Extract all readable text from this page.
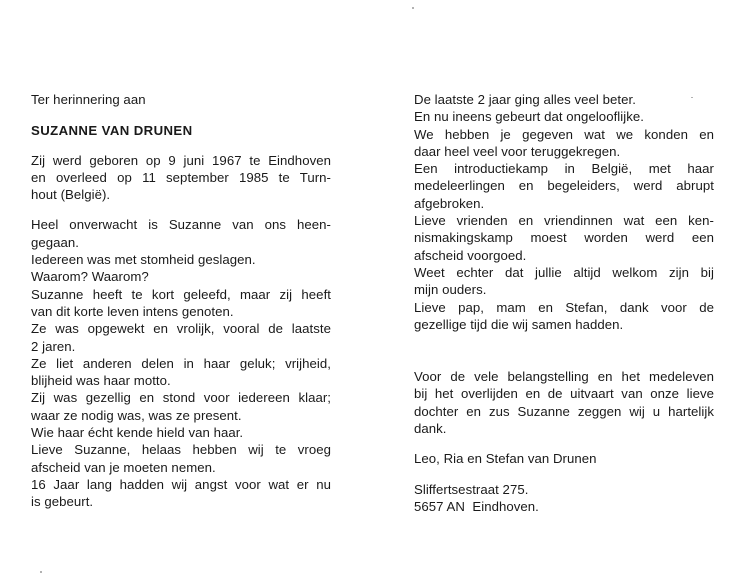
Ter herinnering aan
SUZANNE VAN DRUNEN
Zij werd geboren op 9 juni 1967 te Eindhoven
en overleed op 11 september 1985 te Turn-
hout (België).
Heel onverwacht is Suzanne van ons heen-
gegaan.
Iedereen was met stomheid geslagen.
Waarom? Waarom?
Suzanne heeft te kort geleefd, maar zij heeft
van dit korte leven intens genoten.
Ze was opgewekt en vrolijk, vooral de laatste
2 jaren.
Ze liet anderen delen in haar geluk; vrijheid,
blijheid was haar motto.
Zij was gezellig en stond voor iedereen klaar;
waar ze nodig was, was ze present.
Wie haar écht kende hield van haar.
Lieve Suzanne, helaas hebben wij te vroeg
afscheid van je moeten nemen.
16 Jaar lang hadden wij angst voor wat er nu
is gebeurt.
De laatste 2 jaar ging alles veel beter.
En nu ineens gebeurt dat ongelooflijke.
We hebben je gegeven wat we konden en
daar heel veel voor teruggekregen.
Een introductiekamp in België, met haar
medeleerlingen en begeleiders, werd abrupt
afgebroken.
Lieve vrienden en vriendinnen wat een ken-
nismakingskamp moest worden werd een
afscheid voorgoed.
Weet echter dat jullie altijd welkom zijn bij
mijn ouders.
Lieve pap, mam en Stefan, dank voor de
gezellige tijd die wij samen hadden.
Voor de vele belangstelling en het medeleven
bij het overlijden en de uitvaart van onze lieve
dochter en zus Suzanne zeggen wij u hartelijk
dank.
Leo, Ria en Stefan van Drunen
Sliffertsestraat 275.
5657 AN  Eindhoven.
